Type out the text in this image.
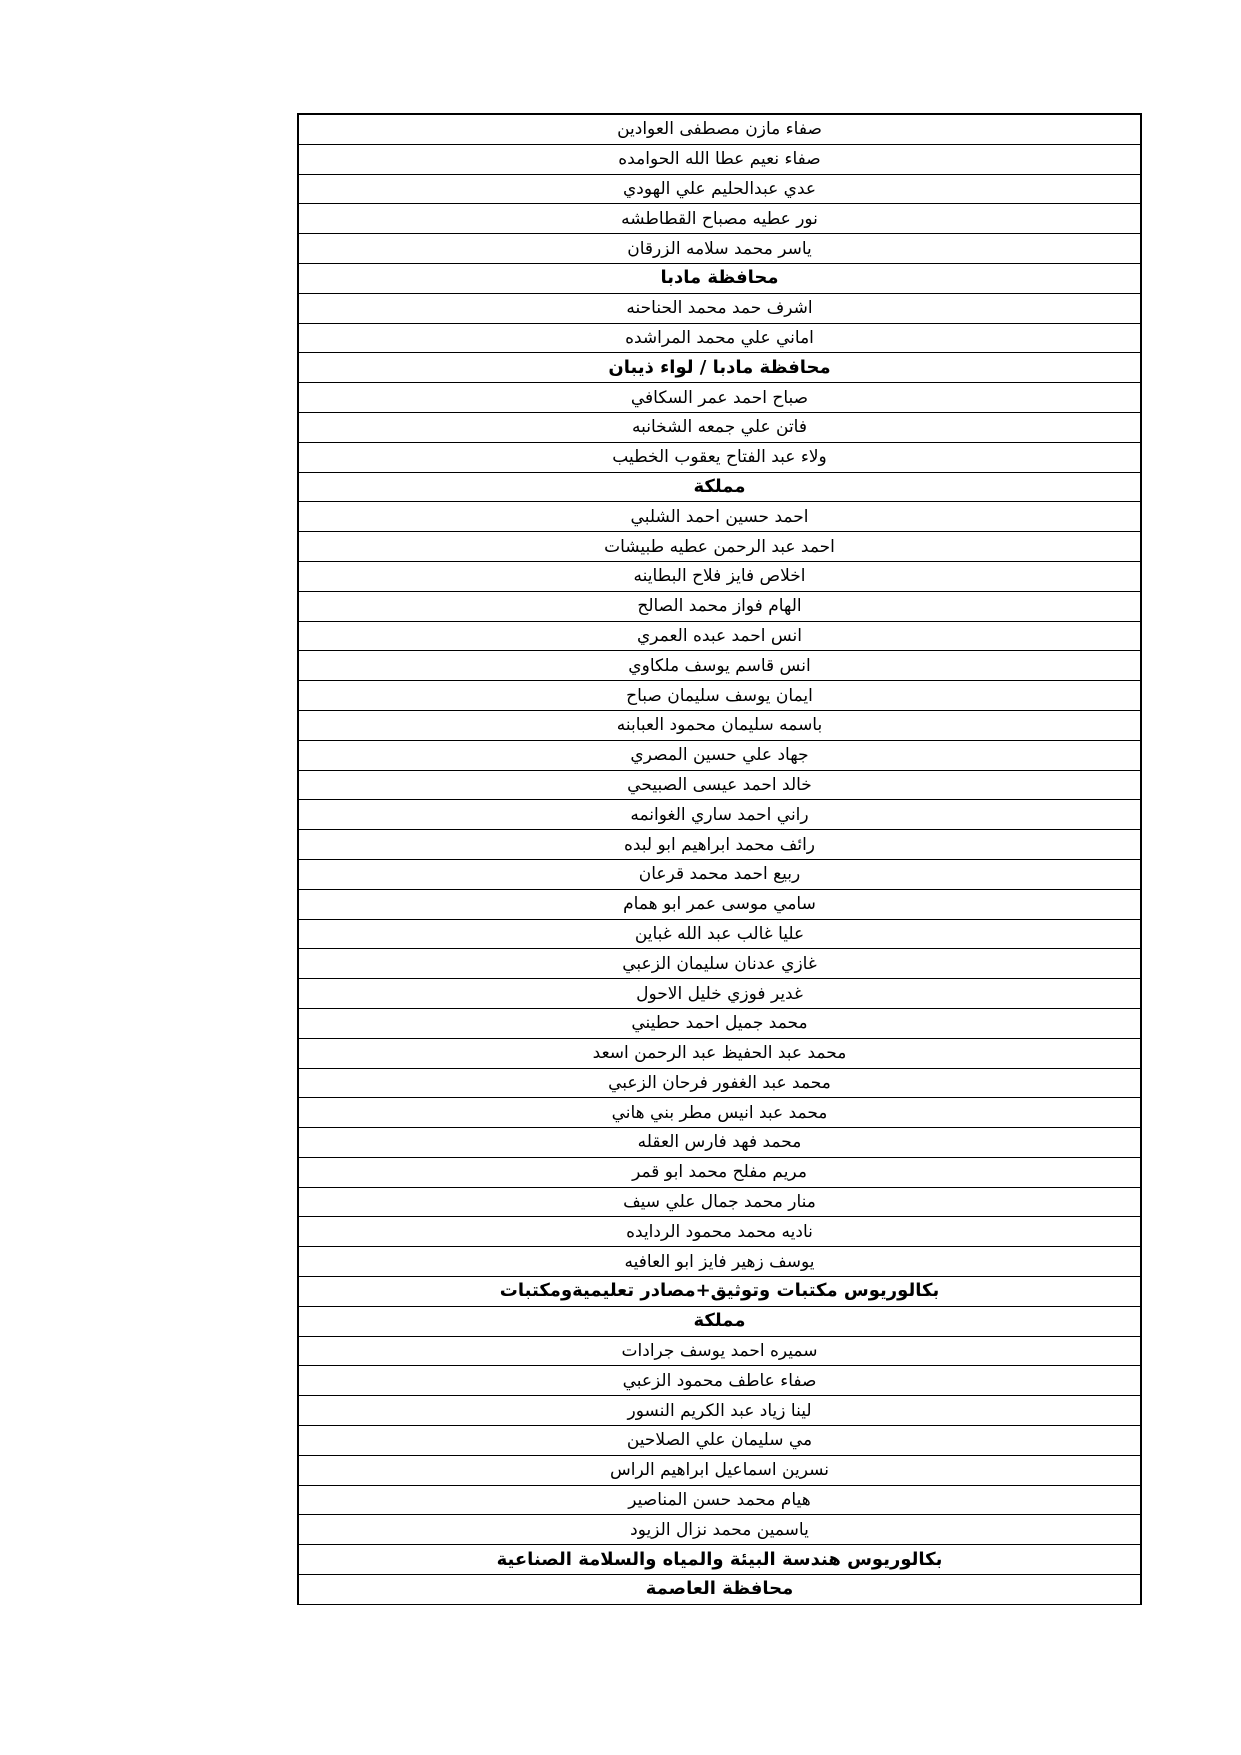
صفاء مازن مصطفى العوادين
صفاء نعيم عطا الله الحوامده
عدي عبدالحليم علي الهودي
نور عطيه مصباح القطاطشه
ياسر محمد سلامه الزرقان
محافظة مادبا
اشرف حمد محمد الحناحنه
اماني علي محمد المراشده
محافظة مادبا / لواء ذيبان
صباح احمد عمر السكافي
فاتن علي جمعه الشخانبه
ولاء عبد الفتاح يعقوب الخطيب
مملكة
احمد حسين احمد الشلبي
احمد عبد الرحمن عطيه طبيشات
اخلاص فايز فلاح البطاينه
الهام فواز محمد الصالح
انس احمد عبده العمري
انس قاسم يوسف ملكاوي
ايمان يوسف سليمان صباح
باسمه سليمان محمود العبابنه
جهاد علي حسين المصري
خالد احمد عيسى الصبيحي
راني احمد ساري الغوانمه
رائف محمد ابراهيم ابو لبده
ربيع احمد محمد قرعان
سامي موسى عمر ابو همام
عليا غالب عبد الله غباين
غازي عدنان سليمان الزعبي
غدير فوزي خليل الاحول
محمد جميل احمد حطيني
محمد عبد الحفيظ عبد الرحمن اسعد
محمد عبد الغفور فرحان الزعبي
محمد عبد انيس مطر بني هاني
محمد فهد فارس العقله
مريم مفلح محمد ابو قمر
منار محمد جمال علي سيف
ناديه محمد محمود الردايده
يوسف زهير فايز ابو العافيه
بكالوريوس مكتبات وتوثيق+مصادر تعليميةومكتبات
مملكة
سميره احمد يوسف جرادات
صفاء عاطف محمود الزعبي
لينا زياد عبد الكريم النسور
مي سليمان علي الصلاحين
نسرين اسماعيل ابراهيم الراس
هيام محمد حسن المناصير
ياسمين محمد نزال الزيود
بكالوريوس هندسة البيئة والمياه والسلامة الصناعية
محافظة العاصمة
